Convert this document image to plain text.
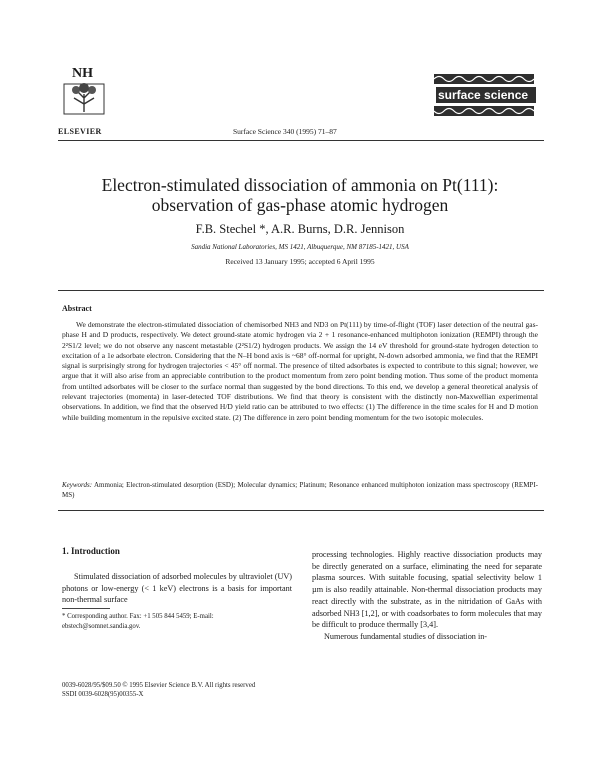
NH
ELSEVIER	Surface Science 340 (1995) 71–87
surface science
Electron-stimulated dissociation of ammonia on Pt(111):
observation of gas-phase atomic hydrogen
F.B. Stechel *, A.R. Burns, D.R. Jennison
Sandia National Laboratories, MS 1421, Albuquerque, NM 87185-1421, USA
Received 13 January 1995; accepted 6 April 1995
Abstract
We demonstrate the electron-stimulated dissociation of chemisorbed NH3 and ND3 on Pt(111) by time-of-flight (TOF) laser detection of the neutral gas-phase H and D products, respectively. We detect ground-state atomic hydrogen via 2 + 1 resonance-enhanced multiphoton ionization (REMPI) through the 2²S1/2 level; we do not observe any nascent metastable (2²S1/2) hydrogen products. We assign the 14 eV threshold for ground-state hydrogen detection to excitation of a 1e adsorbate electron. Considering that the N–H bond axis is ~68° off-normal for upright, N-down adsorbed ammonia, we find that the REMPI signal is surprisingly strong for hydrogen trajectories < 45° off normal. The presence of tilted adsorbates is expected to contribute to this signal; however, we argue that it will also arise from an appreciable contribution to the product momentum from zero point bending motion. Thus some of the product momenta from untilted adsorbates will be closer to the surface normal than suggested by the bond directions. To this end, we develop a general theoretical analysis of relevant trajectories (momenta) in laser-detected TOF distributions. We find that theory is consistent with the distinctly non-Maxwellian experimental observations. In addition, we find that the observed H/D yield ratio can be attributed to two effects: (1) The difference in the time scales for H and D motion while building momentum in the repulsive excited state. (2) The difference in zero point bending momentum for the two isotopic molecules.
Keywords: Ammonia; Electron-stimulated desorption (ESD); Molecular dynamics; Platinum; Resonance enhanced multiphoton ionization mass spectroscopy (REMPI-MS)
1. Introduction
Stimulated dissociation of adsorbed molecules by ultraviolet (UV) photons or low-energy (< 1 keV) electrons is a basis for important non-thermal surface
* Corresponding author. Fax: +1 505 844 5459; E-mail: ebstech@somnet.sandia.gov.

processing technologies. Highly reactive dissociation products may be directly generated on a surface, eliminating the need for separate plasma sources. With suitable focusing, spatial selectivity below 1 µm is also readily attainable. Non-thermal dissociation products may react directly with the substrate, as in the nitridation of GaAs with adsorbed NH3 [1,2], or with coadsorbates to form molecules that may be difficult to produce thermally [3,4].

Numerous fundamental studies of dissociation in-

0039-6028/95/$09.50 © 1995 Elsevier Science B.V. All rights reserved
SSDI 0039-6028(95)00355-X
